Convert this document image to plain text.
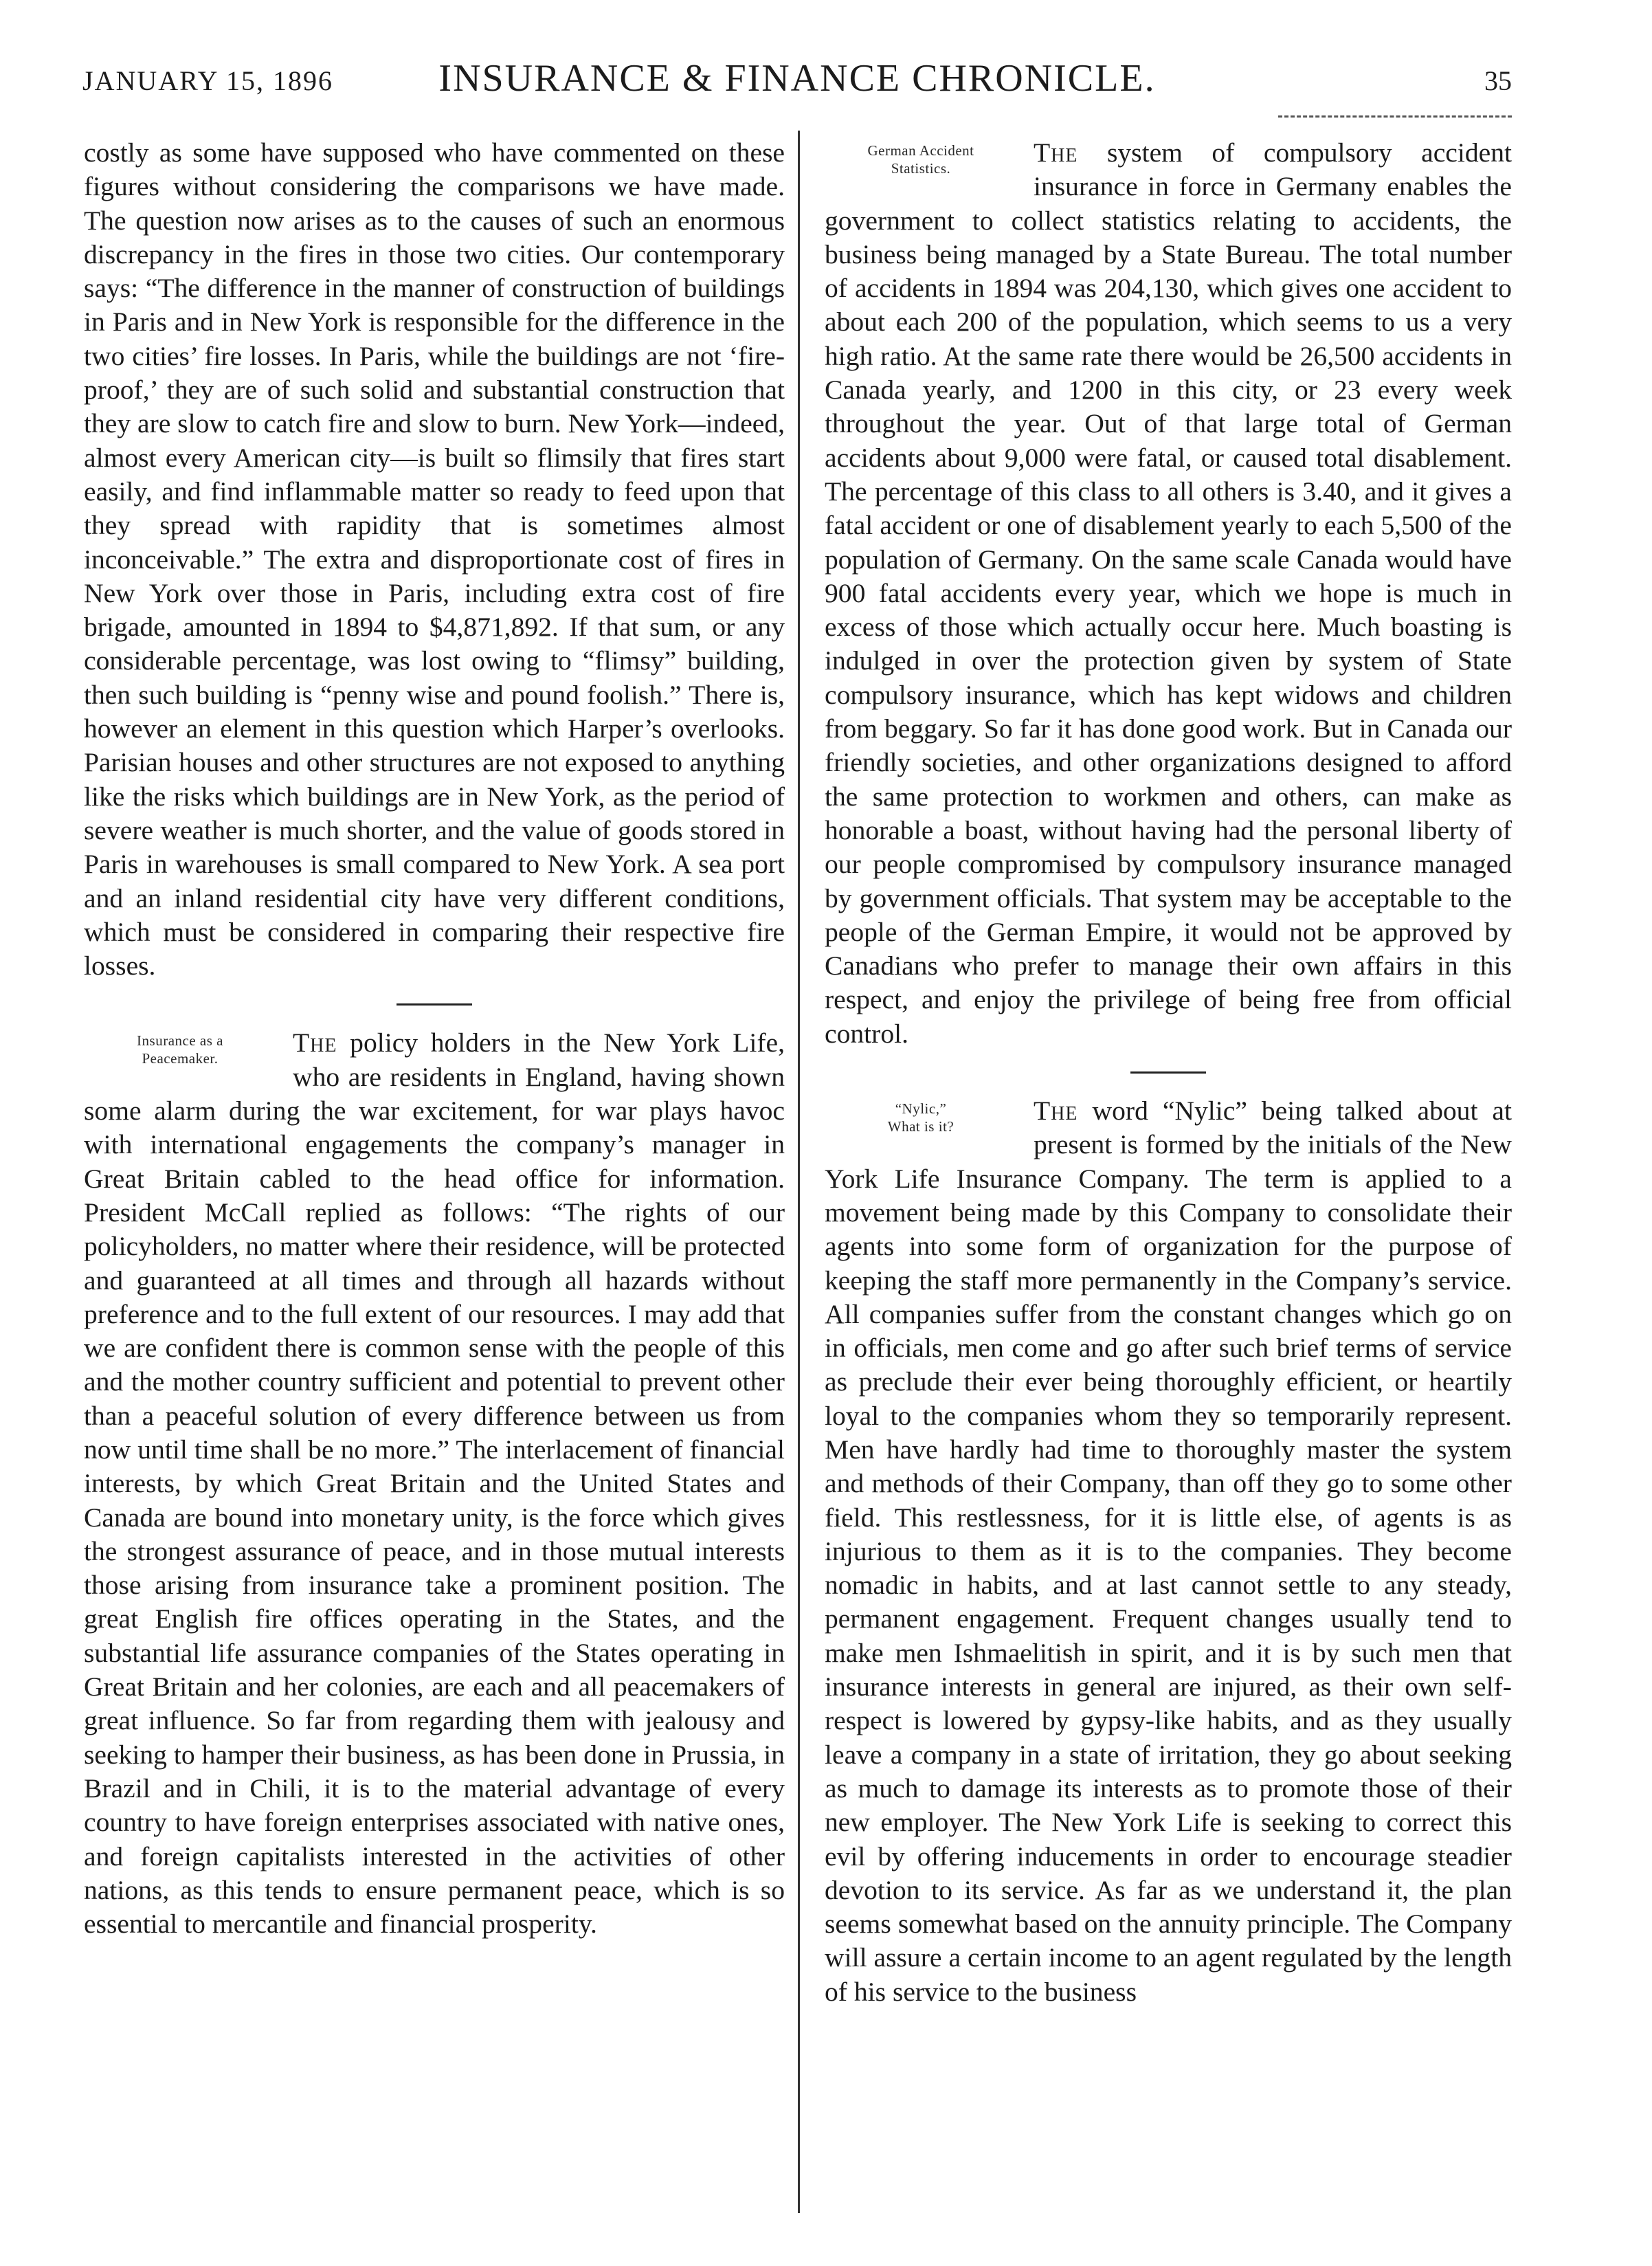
JANUARY 15, 1896	INSURANCE & FINANCE CHRONICLE.	35

costly as some have supposed who have commented on these figures without considering the comparisons we have made. The question now arises as to the causes of such an enormous discrepancy in the fires in those two cities. Our contemporary says: “The difference in the manner of construction of buildings in Paris and in New York is responsible for the difference in the two cities’ fire losses. In Paris, while the buildings are not ‘fire-proof,’ they are of such solid and substantial construction that they are slow to catch fire and slow to burn. New York—indeed, almost every American city—is built so flimsily that fires start easily, and find inflammable matter so ready to feed upon that they spread with rapidity that is sometimes almost inconceivable.” The extra and disproportionate cost of fires in New York over those in Paris, including extra cost of fire brigade, amounted in 1894 to $4,871,892. If that sum, or any considerable percentage, was lost owing to “flimsy” building, then such building is “penny wise and pound foolish.” There is, however an element in this question which Harper’s overlooks. Parisian houses and other structures are not exposed to anything like the risks which buildings are in New York, as the period of severe weather is much shorter, and the value of goods stored in Paris in warehouses is small compared to New York. A sea port and an inland residential city have very different conditions, which must be considered in comparing their respective fire losses.

Insurance as a
Peacemaker.

The policy holders in the New York Life, who are residents in England, having shown some alarm during the war excitement, for war plays havoc with international engagements the company’s manager in Great Britain cabled to the head office for information. President McCall replied as follows: “The rights of our policyholders, no matter where their residence, will be protected and guaranteed at all times and through all hazards without preference and to the full extent of our resources. I may add that we are confident there is common sense with the people of this and the mother country sufficient and potential to prevent other than a peaceful solution of every difference between us from now until time shall be no more.” The interlacement of financial interests, by which Great Britain and the United States and Canada are bound into monetary unity, is the force which gives the strongest assurance of peace, and in those mutual interests those arising from insurance take a prominent position. The great English fire offices operating in the States, and the substantial life assurance companies of the States operating in Great Britain and her colonies, are each and all peacemakers of great influence. So far from regarding them with jealousy and seeking to hamper their business, as has been done in Prussia, in Brazil and in Chili, it is to the material advantage of every country to have foreign enterprises associated with native ones, and foreign capitalists interested in the activities of other nations, as this tends to ensure permanent peace, which is so essential to mercantile and financial prosperity.

German Accident
Statistics.

The system of compulsory accident insurance in force in Germany enables the government to collect statistics relating to accidents, the business being managed by a State Bureau. The total number of accidents in 1894 was 204,130, which gives one accident to about each 200 of the population, which seems to us a very high ratio. At the same rate there would be 26,500 accidents in Canada yearly, and 1200 in this city, or 23 every week throughout the year. Out of that large total of German accidents about 9,000 were fatal, or caused total disablement. The percentage of this class to all others is 3.40, and it gives a fatal accident or one of disablement yearly to each 5,500 of the population of Germany. On the same scale Canada would have 900 fatal accidents every year, which we hope is much in excess of those which actually occur here. Much boasting is indulged in over the protection given by system of State compulsory insurance, which has kept widows and children from beggary. So far it has done good work. But in Canada our friendly societies, and other organizations designed to afford the same protection to workmen and others, can make as honorable a boast, without having had the personal liberty of our people compromised by compulsory insurance managed by government officials. That system may be acceptable to the people of the German Empire, it would not be approved by Canadians who prefer to manage their own affairs in this respect, and enjoy the privilege of being free from official control.

“Nylic,”
What is it?

The word “Nylic” being talked about at present is formed by the initials of the New York Life Insurance Company. The term is applied to a movement being made by this Company to consolidate their agents into some form of organization for the purpose of keeping the staff more permanently in the Company’s service. All companies suffer from the constant changes which go on in officials, men come and go after such brief terms of service as preclude their ever being thoroughly efficient, or heartily loyal to the companies whom they so temporarily represent. Men have hardly had time to thoroughly master the system and methods of their Company, than off they go to some other field. This restlessness, for it is little else, of agents is as injurious to them as it is to the companies. They become nomadic in habits, and at last cannot settle to any steady, permanent engagement. Frequent changes usually tend to make men Ishmaelitish in spirit, and it is by such men that insurance interests in general are injured, as their own self-respect is lowered by gypsy-like habits, and as they usually leave a company in a state of irritation, they go about seeking as much to damage its interests as to promote those of their new employer. The New York Life is seeking to correct this evil by offering inducements in order to encourage steadier devotion to its service. As far as we understand it, the plan seems somewhat based on the annuity principle. The Company will assure a certain income to an agent regulated by the length of his service to the business
